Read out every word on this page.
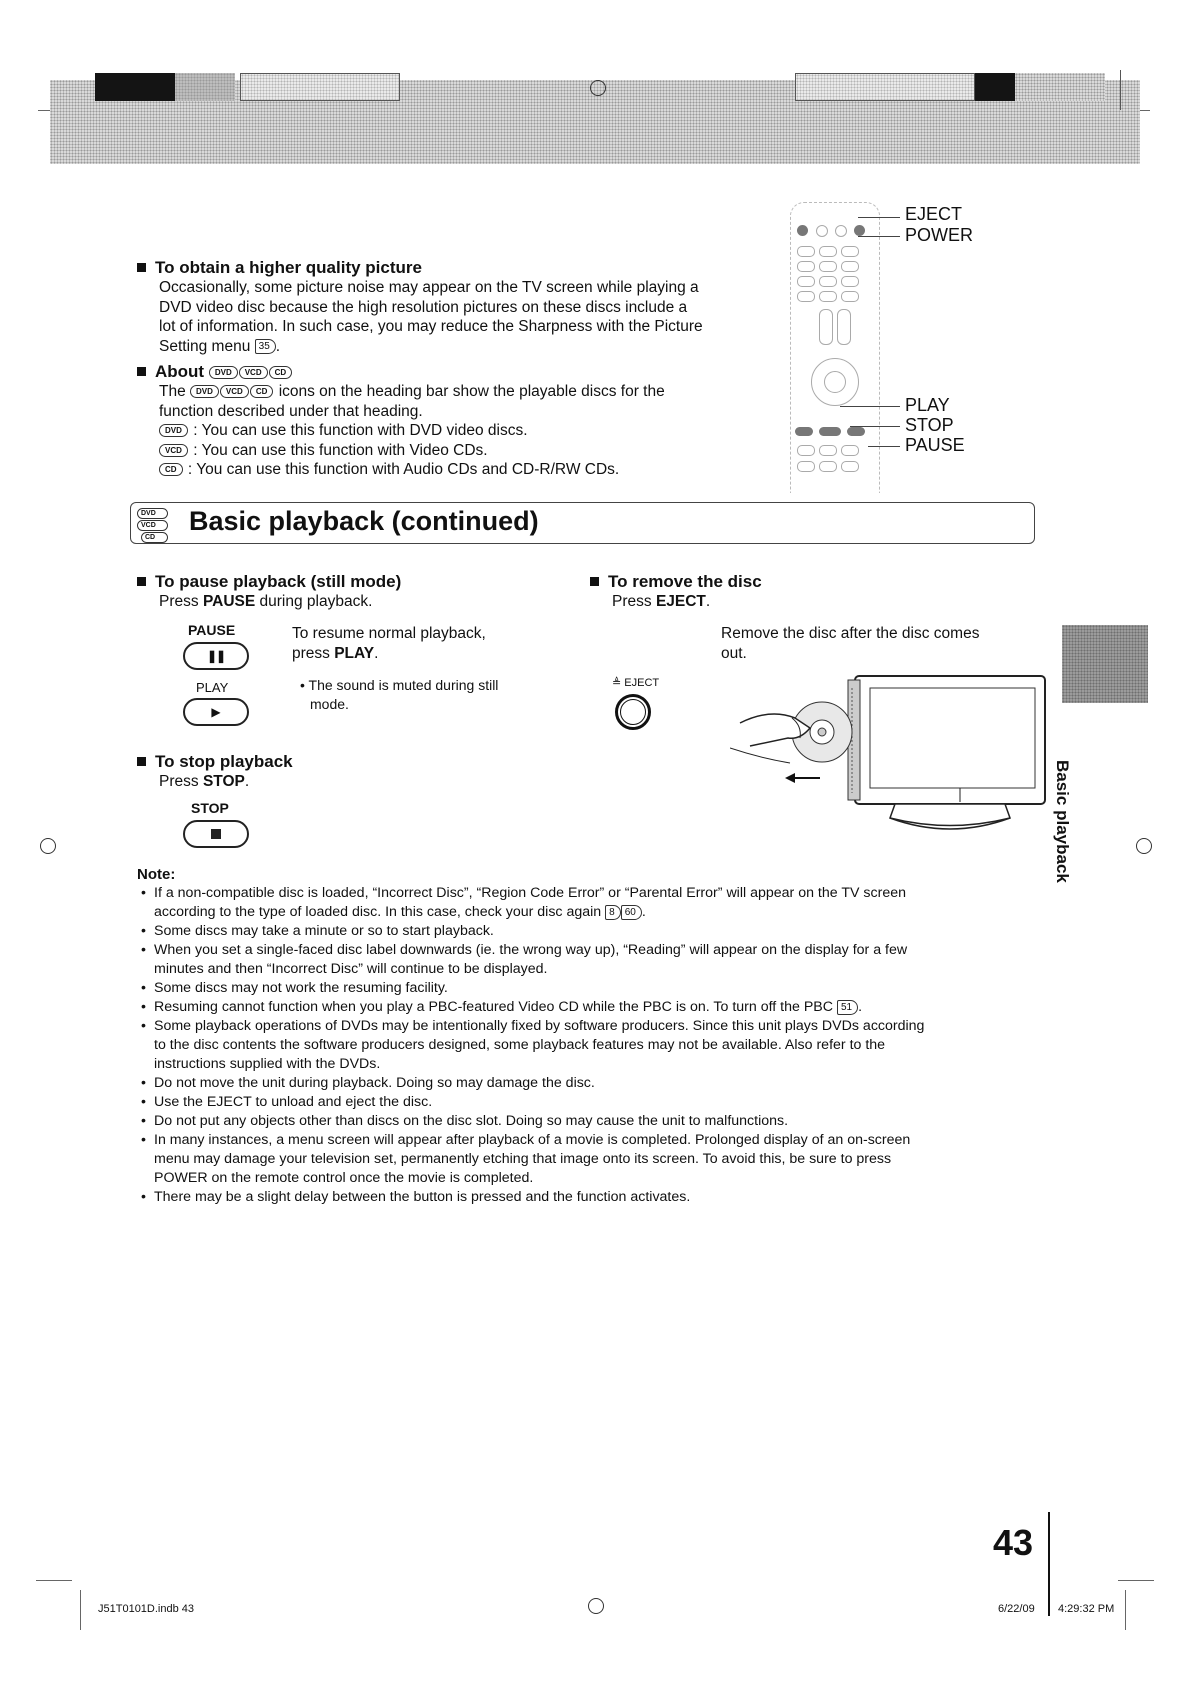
To obtain a higher quality picture
Occasionally, some picture noise may appear on the TV screen while playing a
DVD video disc because the high resolution pictures on these discs include a
lot of information. In such case, you may reduce the Sharpness with the Picture
Setting menu 35 .
About DVD VCD CD
The DVD VCD CD icons on the heading bar show the playable discs for the
function described under that heading.
DVD : You can use this function with DVD video discs.
VCD : You can use this function with Video CDs.
CD : You can use this function with Audio CDs and CD-R/RW CDs.
EJECT
POWER
PLAY
STOP
PAUSE
DVD
VCD
CD
Basic playback (continued)
To pause playback (still mode)
Press PAUSE during playback.
PAUSE
❚❚
PLAY
▶
To resume normal playback,
press PLAY.
• The sound is muted during still
mode.
To stop playback
Press STOP.
STOP
To remove the disc
Press EJECT.
Remove the disc after the disc comes
out.
≜ EJECT
Basic playback
Note:
• If a non-compatible disc is loaded, “Incorrect Disc”, “Region Code Error” or “Parental Error” will appear on the TV screen
according to the type of loaded disc. In this case, check your disc again 8 60 .
• Some discs may take a minute or so to start playback.
• When you set a single-faced disc label downwards (ie. the wrong way up), “Reading” will appear on the display for a few
minutes and then “Incorrect Disc” will continue to be displayed.
• Some discs may not work the resuming facility.
• Resuming cannot function when you play a PBC-featured Video CD while the PBC is on. To turn off the PBC 51 .
• Some playback operations of DVDs may be intentionally fixed by software producers. Since this unit plays DVDs according
to the disc contents the software producers designed, some playback features may not be available. Also refer to the
instructions supplied with the DVDs.
• Do not move the unit during playback. Doing so may damage the disc.
• Use the EJECT to unload and eject the disc.
• Do not put any objects other than discs on the disc slot. Doing so may cause the unit to malfunctions.
• In many instances, a menu screen will appear after playback of a movie is completed. Prolonged display of an on-screen
menu may damage your television set, permanently etching that image onto its screen. To avoid this, be sure to press
POWER on the remote control once the movie is completed.
• There may be a slight delay between the button is pressed and the function activates.
43
J51T0101D.indb 43	6/22/09 4:29:32 PM
